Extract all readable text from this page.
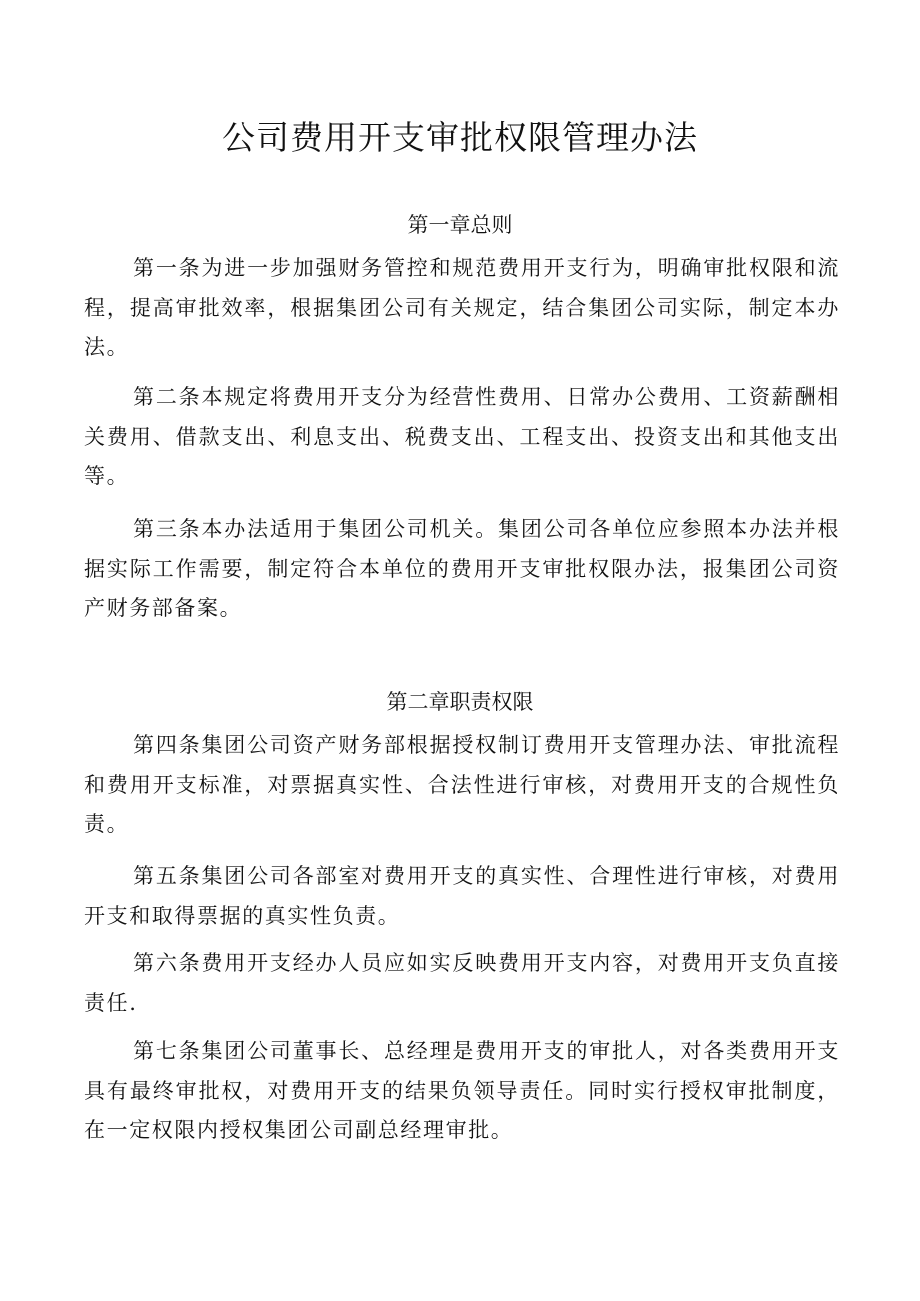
公司费用开支审批权限管理办法
第一章总则

第一条为进一步加强财务管控和规范费用开支行为，明确审批权限和流程，提高审批效率，根据集团公司有关规定，结合集团公司实际，制定本办法。

第二条本规定将费用开支分为经营性费用、日常办公费用、工资薪酬相关费用、借款支出、利息支出、税费支出、工程支出、投资支出和其他支出等。

第三条本办法适用于集团公司机关。集团公司各单位应参照本办法并根据实际工作需要，制定符合本单位的费用开支审批权限办法，报集团公司资产财务部备案。

第二章职责权限

第四条集团公司资产财务部根据授权制订费用开支管理办法、审批流程和费用开支标准，对票据真实性、合法性进行审核，对费用开支的合规性负责。

第五条集团公司各部室对费用开支的真实性、合理性进行审核，对费用开支和取得票据的真实性负责。

第六条费用开支经办人员应如实反映费用开支内容，对费用开支负直接责任.

第七条集团公司董事长、总经理是费用开支的审批人，对各类费用开支具有最终审批权，对费用开支的结果负领导责任。同时实行授权审批制度，在一定权限内授权集团公司副总经理审批。
